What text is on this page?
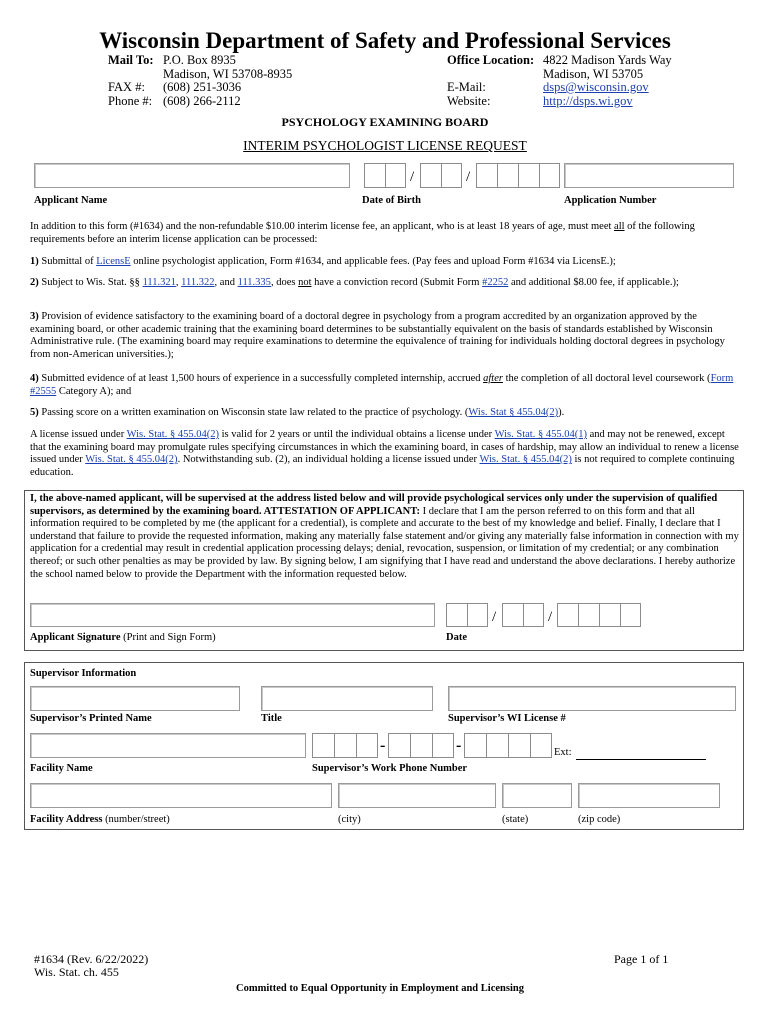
Wisconsin Department of Safety and Professional Services
Mail To: P.O. Box 8935
Madison, WI 53708-8935
FAX #: (608) 251-3036
Phone #: (608) 266-2112
Office Location: 4822 Madison Yards Way
Madison, WI 53705
E-Mail:	dsps@wisconsin.gov
Website:	http://dsps.wi.gov
PSYCHOLOGY EXAMINING BOARD
INTERIM PSYCHOLOGIST LICENSE REQUEST
/	/
Applicant Name	Date of Birth	Application Number
In addition to this form (#1634) and the non-refundable $10.00 interim license fee, an applicant, who is at least 18 years of age, must meet all of the following requirements before an interim license application can be processed:
1) Submittal of LicensE online psychologist application, Form #1634, and applicable fees. (Pay fees and upload Form #1634 via LicensE.);
2) Subject to Wis. Stat. §§ 111.321, 111.322, and 111.335, does not have a conviction record (Submit Form #2252 and additional $8.00 fee, if applicable.);
3) Provision of evidence satisfactory to the examining board of a doctoral degree in psychology from a program accredited by an organization approved by the examining board, or other academic training that the examining board determines to be substantially equivalent on the basis of standards established by Wisconsin Administrative rule. (The examining board may require examinations to determine the equivalence of training for individuals holding doctoral degrees in psychology from non-American universities.);
4) Submitted evidence of at least 1,500 hours of experience in a successfully completed internship, accrued after the completion of all doctoral level coursework (Form #2555 Category A); and
5) Passing score on a written examination on Wisconsin state law related to the practice of psychology. (Wis. Stat § 455.04(2)).
A license issued under Wis. Stat. § 455.04(2) is valid for 2 years or until the individual obtains a license under Wis. Stat. § 455.04(1) and may not be renewed, except that the examining board may promulgate rules specifying circumstances in which the examining board, in cases of hardship, may allow an individual to renew a license issued under Wis. Stat. § 455.04(2). Notwithstanding sub. (2), an individual holding a license issued under Wis. Stat. § 455.04(2) is not required to complete continuing education.
I, the above-named applicant, will be supervised at the address listed below and will provide psychological services only under the supervision of qualified supervisors, as determined by the examining board. ATTESTATION OF APPLICANT: I declare that I am the person referred to on this form and that all information required to be completed by me (the applicant for a credential), is complete and accurate to the best of my knowledge and belief. Finally, I declare that I understand that failure to provide the requested information, making any materially false statement and/or giving any materially false information in connection with my application for a credential may result in credential application processing delays; denial, revocation, suspension, or limitation of my credential; or any combination thereof; or such other penalties as may be provided by law. By signing below, I am signifying that I have read and understand the above declarations. I hereby authorize the school named below to provide the Department with the information requested below.
/	/
Applicant Signature (Print and Sign Form)	Date
Supervisor Information
Supervisor’s Printed Name	Title	Supervisor’s WI License #
-	-	Ext:
Facility Name	Supervisor’s Work Phone Number
Facility Address (number/street)	(city)	(state)	(zip code)
#1634 (Rev. 6/22/2022)
Wis. Stat. ch. 455
Page 1 of 1
Committed to Equal Opportunity in Employment and Licensing
